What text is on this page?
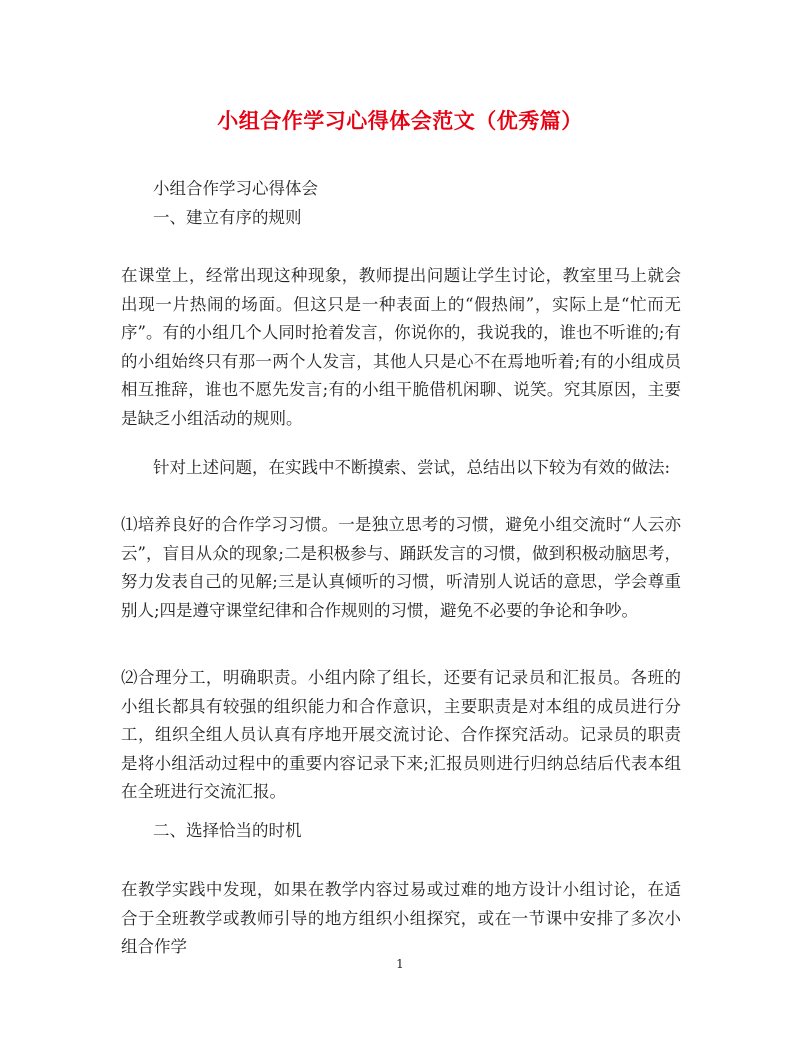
小组合作学习心得体会范文（优秀篇）

小组合作学习心得体会

一、建立有序的规则

在课堂上，经常出现这种现象，教师提出问题让学生讨论，教室里马上就会出现一片热闹的场面。但这只是一种表面上的“假热闹”，实际上是“忙而无序”。有的小组几个人同时抢着发言，你说你的，我说我的，谁也不听谁的;有的小组始终只有那一两个人发言，其他人只是心不在焉地听着;有的小组成员相互推辞，谁也不愿先发言;有的小组干脆借机闲聊、说笑。究其原因，主要是缺乏小组活动的规则。

针对上述问题，在实践中不断摸索、尝试，总结出以下较为有效的做法:

⑴培养良好的合作学习习惯。一是独立思考的习惯，避免小组交流时“人云亦云”，盲目从众的现象;二是积极参与、踊跃发言的习惯，做到积极动脑思考，努力发表自己的见解;三是认真倾听的习惯，听清别人说话的意思，学会尊重别人;四是遵守课堂纪律和合作规则的习惯，避免不必要的争论和争吵。

⑵合理分工，明确职责。小组内除了组长，还要有记录员和汇报员。各班的小组长都具有较强的组织能力和合作意识，主要职责是对本组的成员进行分工，组织全组人员认真有序地开展交流讨论、合作探究活动。记录员的职责是将小组活动过程中的重要内容记录下来;汇报员则进行归纳总结后代表本组在全班进行交流汇报。

二、选择恰当的时机

在教学实践中发现，如果在教学内容过易或过难的地方设计小组讨论，在适合于全班教学或教师引导的地方组织小组探究，或在一节课中安排了多次小组合作学

1
